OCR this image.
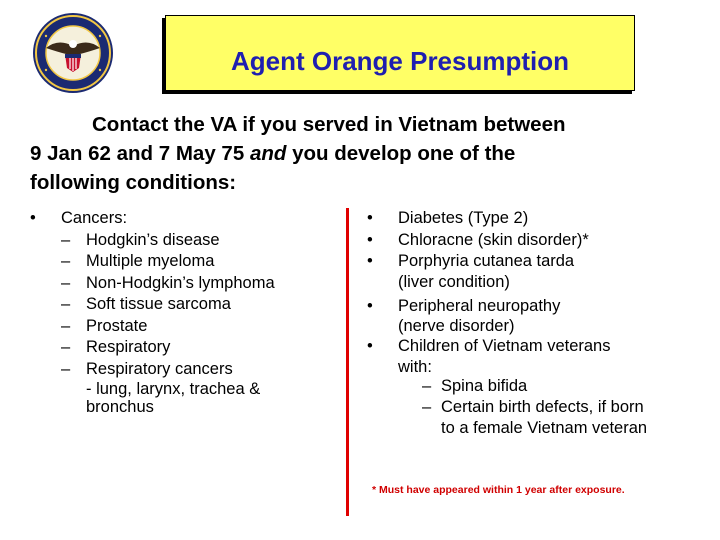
Agent Orange Presumption
Contact the VA if you served in Vietnam between
9 Jan 62 and 7 May 75 and you develop one of the
following conditions:
• Cancers:
– Hodgkin’s disease
– Multiple myeloma
– Non-Hodgkin’s lymphoma
– Soft tissue sarcoma
– Prostate
– Respiratory
– Respiratory cancers
- lung, larynx, trachea &
bronchus
• Diabetes (Type 2)
• Chloracne (skin disorder)*
• Porphyria cutanea tarda
(liver condition)
• Peripheral neuropathy
(nerve disorder)
• Children of Vietnam veterans
with:
– Spina bifida
– Certain birth defects, if born
to a female Vietnam veteran
* Must have appeared within 1 year after exposure.
